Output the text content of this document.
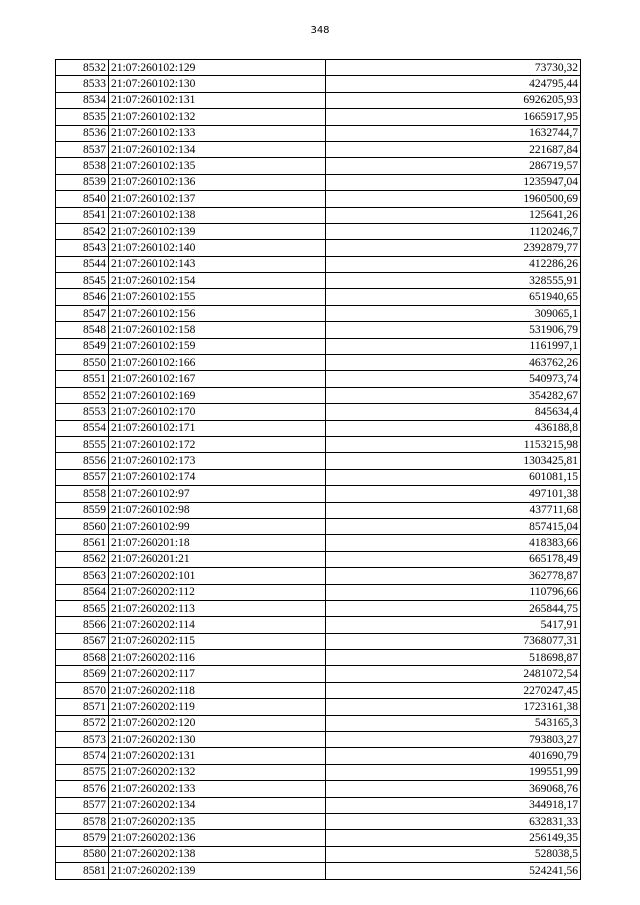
348
8532	21:07:260102:129	73730,32
8533	21:07:260102:130	424795,44
8534	21:07:260102:131	6926205,93
8535	21:07:260102:132	1665917,95
8536	21:07:260102:133	1632744,7
8537	21:07:260102:134	221687,84
8538	21:07:260102:135	286719,57
8539	21:07:260102:136	1235947,04
8540	21:07:260102:137	1960500,69
8541	21:07:260102:138	125641,26
8542	21:07:260102:139	1120246,7
8543	21:07:260102:140	2392879,77
8544	21:07:260102:143	412286,26
8545	21:07:260102:154	328555,91
8546	21:07:260102:155	651940,65
8547	21:07:260102:156	309065,1
8548	21:07:260102:158	531906,79
8549	21:07:260102:159	1161997,1
8550	21:07:260102:166	463762,26
8551	21:07:260102:167	540973,74
8552	21:07:260102:169	354282,67
8553	21:07:260102:170	845634,4
8554	21:07:260102:171	436188,8
8555	21:07:260102:172	1153215,98
8556	21:07:260102:173	1303425,81
8557	21:07:260102:174	601081,15
8558	21:07:260102:97	497101,38
8559	21:07:260102:98	437711,68
8560	21:07:260102:99	857415,04
8561	21:07:260201:18	418383,66
8562	21:07:260201:21	665178,49
8563	21:07:260202:101	362778,87
8564	21:07:260202:112	110796,66
8565	21:07:260202:113	265844,75
8566	21:07:260202:114	5417,91
8567	21:07:260202:115	7368077,31
8568	21:07:260202:116	518698,87
8569	21:07:260202:117	2481072,54
8570	21:07:260202:118	2270247,45
8571	21:07:260202:119	1723161,38
8572	21:07:260202:120	543165,3
8573	21:07:260202:130	793803,27
8574	21:07:260202:131	401690,79
8575	21:07:260202:132	199551,99
8576	21:07:260202:133	369068,76
8577	21:07:260202:134	344918,17
8578	21:07:260202:135	632831,33
8579	21:07:260202:136	256149,35
8580	21:07:260202:138	528038,5
8581	21:07:260202:139	524241,56
